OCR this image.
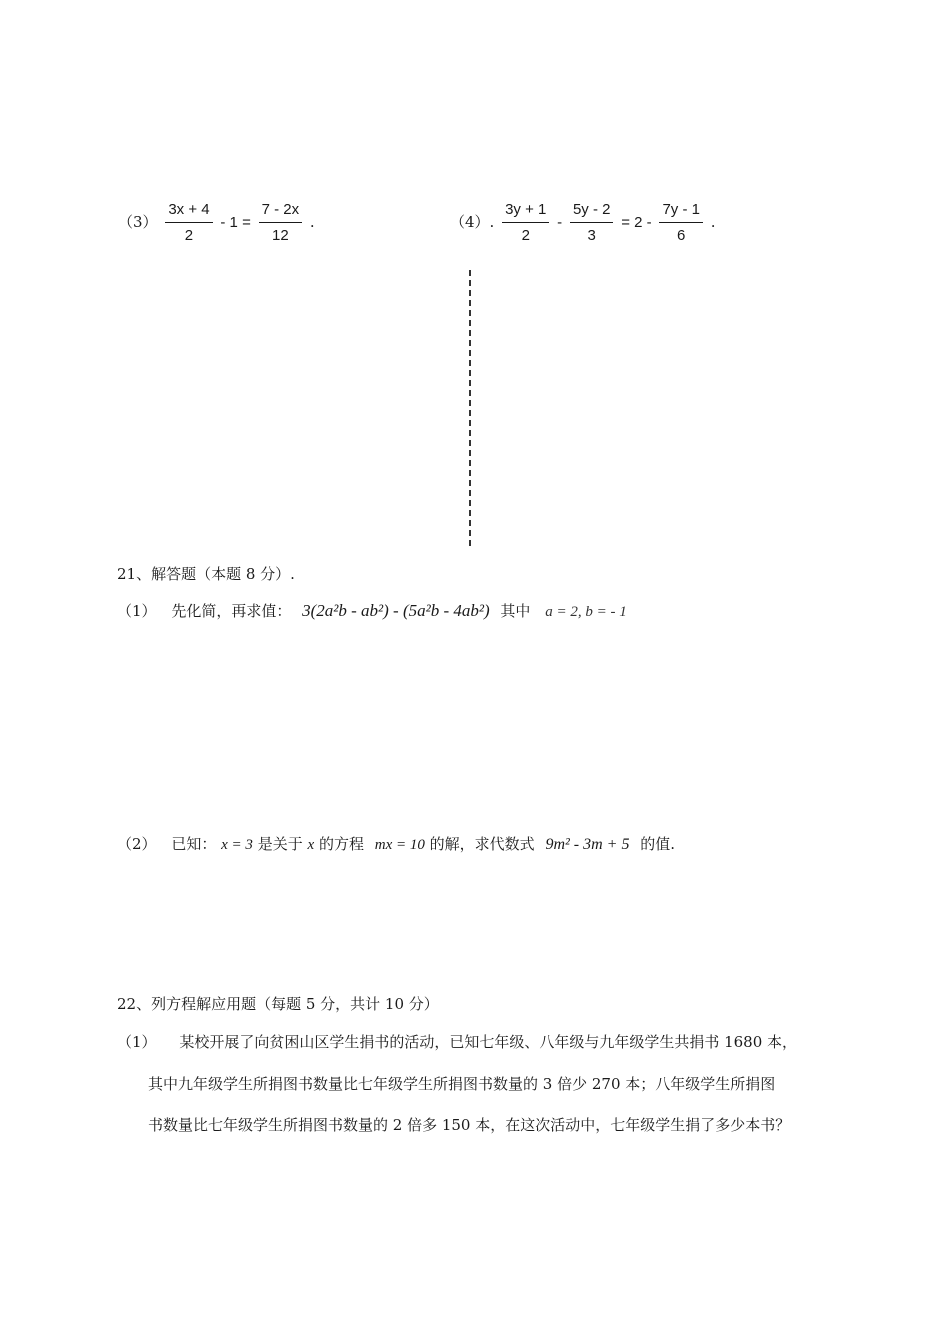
$(3) \frac{3x + 4}{2} - 1 = \frac{7 - 2x}{12}$ .	（4）. $\frac{3y + 1}{2} - \frac{5y - 2}{3} = 2 - \frac{7y - 1}{6}$ .
21、解答题（本题 8 分）.
（1） 先化简，再求值： 3(2a²b - ab²) - (5a²b - 4ab²) 其中 a = 2, b = - 1
（2） 已知： x = 3 是关于 x 的方程 mx = 10 的解，求代数式 9m² - 3m + 5 的值.
22、列方程解应用题（每题 5 分，共计 10 分）
（1） 某校开展了向贫困山区学生捐书的活动，已知七年级、八年级与九年级学生共捐书 1680 本，
其中九年级学生所捐图书数量比七年级学生所捐图书数量的 3 倍少 270 本；八年级学生所捐图
书数量比七年级学生所捐图书数量的 2 倍多 150 本，在这次活动中，七年级学生捐了多少本书？
